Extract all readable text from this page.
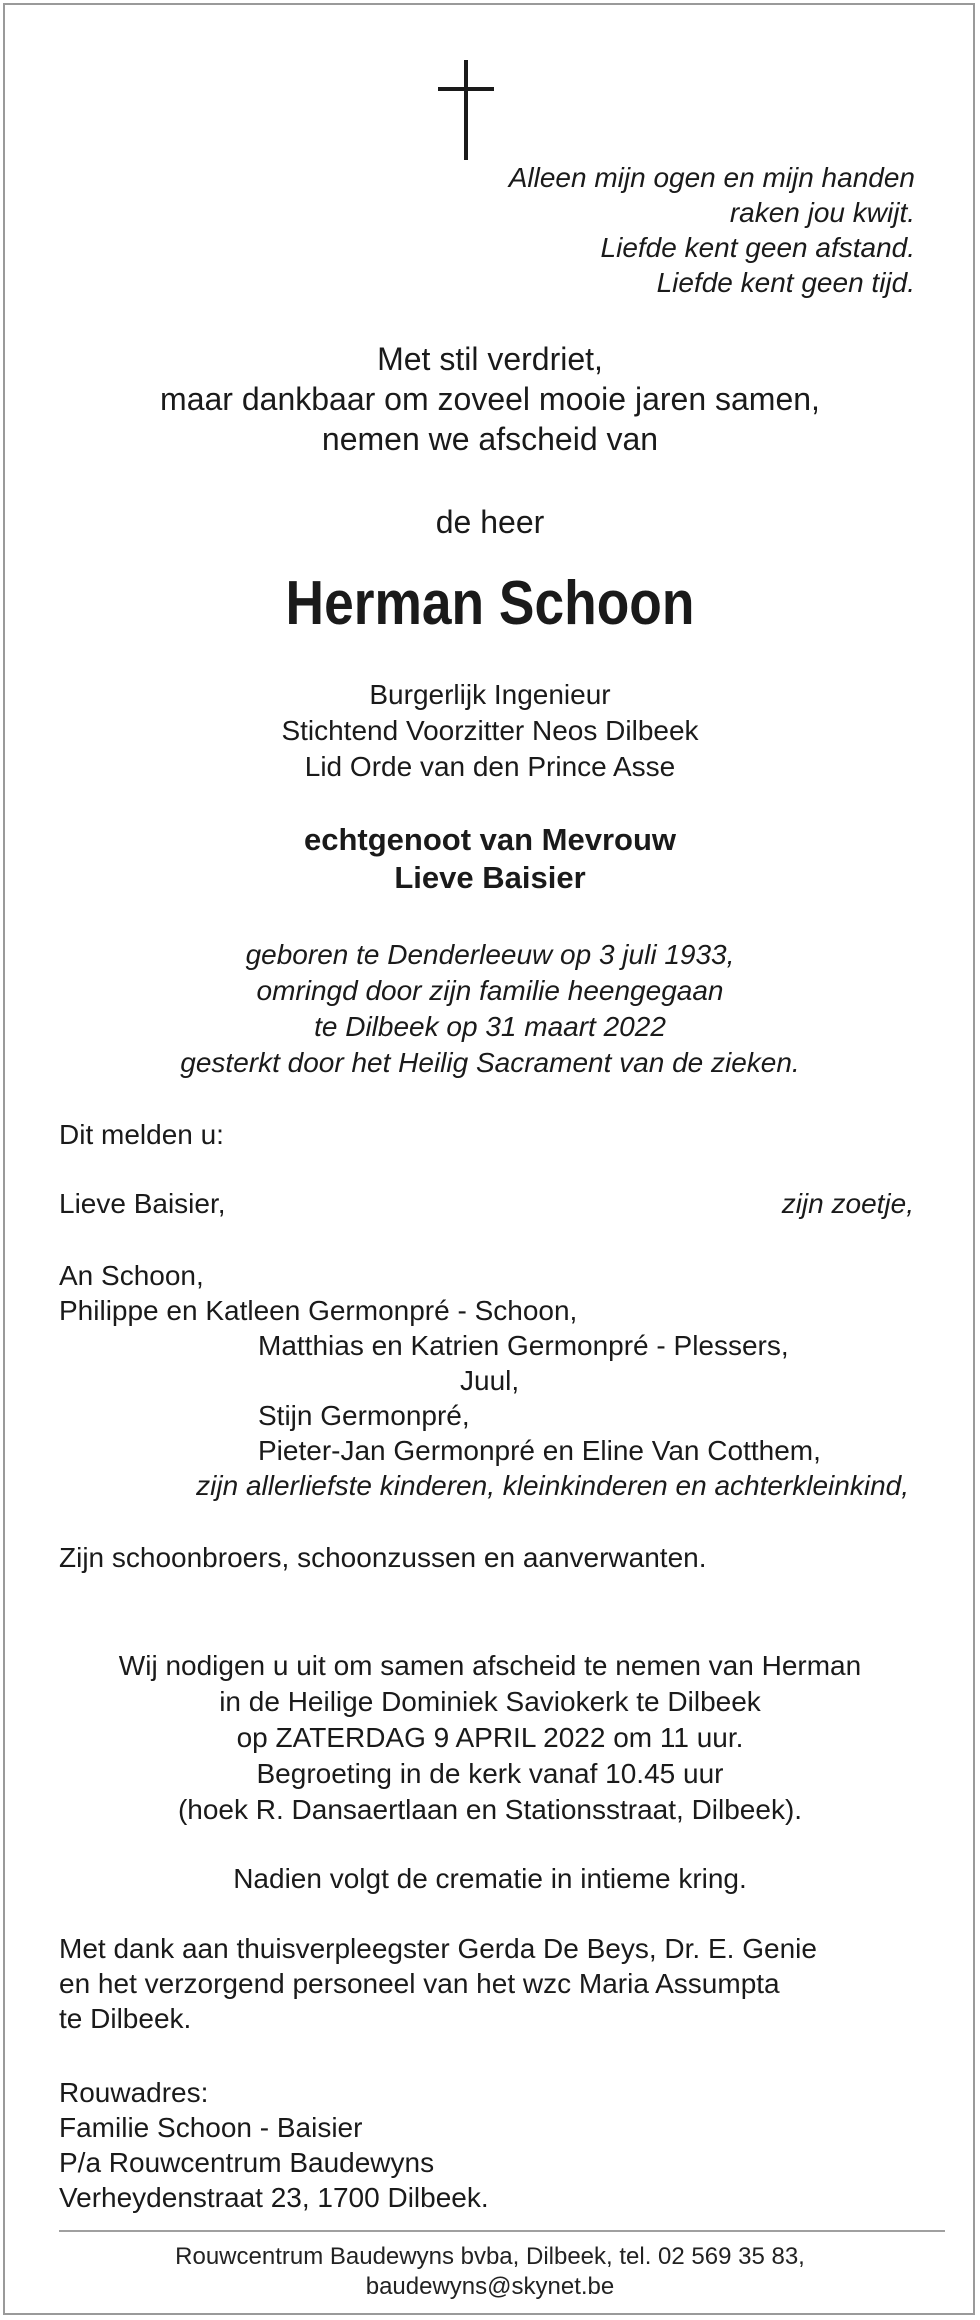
Alleen mijn ogen en mijn handen

raken jou kwijt.

Liefde kent geen afstand.

Liefde kent geen tijd.

Met stil verdriet,

maar dankbaar om zoveel mooie jaren samen,

nemen we afscheid van

de heer

Herman Schoon

Burgerlijk Ingenieur

Stichtend Voorzitter Neos Dilbeek

Lid Orde van den Prince Asse

echtgenoot van Mevrouw

Lieve Baisier

geboren te Denderleeuw op 3 juli 1933,

omringd door zijn familie heengegaan

te Dilbeek op 31 maart 2022

gesterkt door het Heilig Sacrament van de zieken.

Dit melden u:

Lieve Baisier,	zijn zoetje,

An Schoon,

Philippe en Katleen Germonpré - Schoon,

Matthias en Katrien Germonpré - Plessers,

Juul,

Stijn Germonpré,

Pieter-Jan Germonpré en Eline Van Cotthem,

zijn allerliefste kinderen, kleinkinderen en achterkleinkind,

Zijn schoonbroers, schoonzussen en aanverwanten.

Wij nodigen u uit om samen afscheid te nemen van Herman

in de Heilige Dominiek Saviokerk te Dilbeek

op ZATERDAG 9 APRIL 2022 om 11 uur.

Begroeting in de kerk vanaf 10.45 uur

(hoek R. Dansaertlaan en Stationsstraat, Dilbeek).

Nadien volgt de crematie in intieme kring.

Met dank aan thuisverpleegster Gerda De Beys, Dr. E. Genie

en het verzorgend personeel van het wzc Maria Assumpta

te Dilbeek.

Rouwadres:

Familie Schoon - Baisier

P/a Rouwcentrum Baudewyns

Verheydenstraat 23, 1700 Dilbeek.

Rouwcentrum Baudewyns bvba, Dilbeek, tel. 02 569 35 83,

baudewyns@skynet.be
